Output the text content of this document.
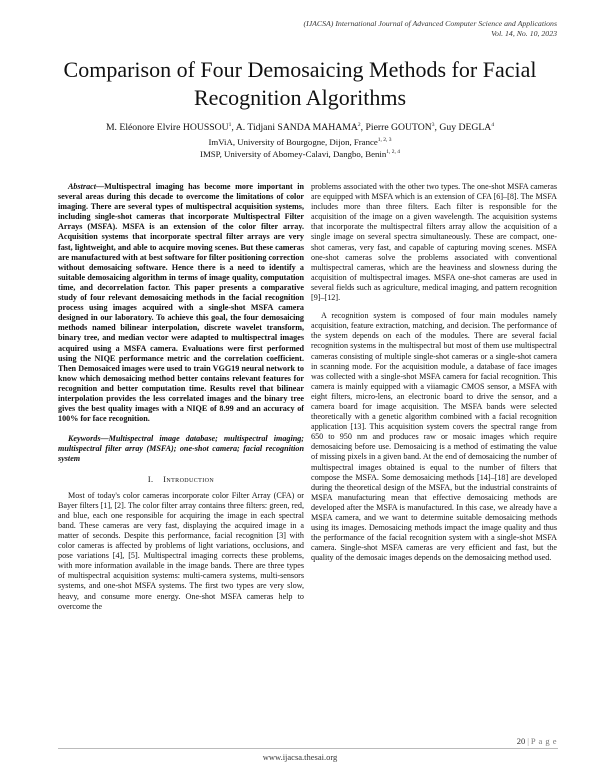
(IJACSA) International Journal of Advanced Computer Science and Applications
Vol. 14, No. 10, 2023
Comparison of Four Demosaicing Methods for Facial
Recognition Algorithms
M. Eléonore Elvire HOUSSOU$^1$, A. Tidjani SANDA MAHAMA$^2$, Pierre GOUTON$^3$, Guy DEGLA$^4$
ImViA, University of Bourgogne, Dijon, France$^{1, 2, 3}$
IMSP, University of Abomey-Calavi, Dangbo, Benin$^{1, 2, 4}$

Abstract—Multispectral imaging has become more important in several areas during this decade to overcome the limitations of color imaging. There are several types of multispectral acquisition systems, including single-shot cameras that incorporate Multispectral Filter Arrays (MSFA). MSFA is an extension of the color filter array. Acquisition systems that incorporate spectral filter arrays are very fast, lightweight, and able to acquire moving scenes. But these cameras are manufactured with at best software for filter positioning correction without demosaicing software. Hence there is a need to identify a suitable demosaicing algorithm in terms of image quality, computation time, and decorrelation factor. This paper presents a comparative study of four relevant demosaicing methods in the facial recognition process using images acquired with a single-shot MSFA camera designed in our laboratory. To achieve this goal, the four demosaicing methods named bilinear interpolation, discrete wavelet transform, binary tree, and median vector were adapted to multispectral images acquired using a MSFA camera. Evaluations were first performed using the NIQE performance metric and the correlation coefficient. Then Demosaiced images were used to train VGG19 neural network to know which demosaicing method better contains relevant features for recognition and better computation time. Results revel that bilinear interpolation provides the less correlated images and the binary tree gives the best quality images with a NIQE of 8.99 and an accuracy of 100% for face recognition.

Keywords—Multispectral image database; multispectral imaging; multispectral filter array (MSFA); one-shot camera; facial recognition system

I. Introduction

Most of today's color cameras incorporate color Filter Array (CFA) or Bayer filters [1], [2]. The color filter array contains three filters: green, red, and blue, each one responsible for acquiring the image in each spectral band. These cameras are very fast, displaying the acquired image in a matter of seconds. Despite this performance, facial recognition [3] with color cameras is affected by problems of light variations, occlusions, and pose variations [4], [5]. Multispectral imaging corrects these problems, with more information available in the image bands. There are three types of multispectral acquisition systems: multi-camera systems, multi-sensors systems, and one-shot MSFA systems. The first two types are very slow, heavy, and consume more energy. One-shot MSFA cameras help to overcome the

problems associated with the other two types. The one-shot MSFA cameras are equipped with MSFA which is an extension of CFA [6]–[8]. The MSFA includes more than three filters. Each filter is responsible for the acquisition of the image on a given wavelength. The acquisition systems that incorporate the multispectral filters array allow the acquisition of a single image on several spectra simultaneously. These are compact, one-shot cameras, very fast, and capable of capturing moving scenes. MSFA one-shot cameras solve the problems associated with conventional multispectral cameras, which are the heaviness and slowness during the acquisition of multispectral images. MSFA one-shot cameras are used in several fields such as agriculture, medical imaging, and pattern recognition [9]–[12].

A recognition system is composed of four main modules namely acquisition, feature extraction, matching, and decision. The performance of the system depends on each of the modules. There are several facial recognition systems in the multispectral but most of them use multispectral cameras consisting of multiple single-shot cameras or a single-shot camera in scanning mode. For the acquisition module, a database of face images was collected with a single-shot MSFA camera for facial recognition. This camera is mainly equipped with a viiamagic CMOS sensor, a MSFA with eight filters, micro-lens, an electronic board to drive the sensor, and a camera board for image acquisition. The MSFA bands were selected theoretically with a genetic algorithm combined with a facial recognition application [13]. This acquisition system covers the spectral range from 650 to 950 nm and produces raw or mosaic images which require demosaicing before use. Demosaicing is a method of estimating the value of missing pixels in a given band. At the end of demosaicing the number of multispectral images obtained is equal to the number of filters that compose the MSFA. Some demosaicing methods [14]–[18] are developed during the theoretical design of the MSFA, but the industrial constraints of MSFA manufacturing mean that effective demosaicing methods are developed after the MSFA is manufactured. In this case, we already have a MSFA camera, and we want to determine suitable demosaicing methods using its images. Demosaicing methods impact the image quality and thus the performance of the facial recognition system with a single-shot MSFA camera. Single-shot MSFA cameras are very efficient and fast, but the quality of the demosaic images depends on the demosaicing method used.

20 | P a g e
www.ijacsa.thesai.org
